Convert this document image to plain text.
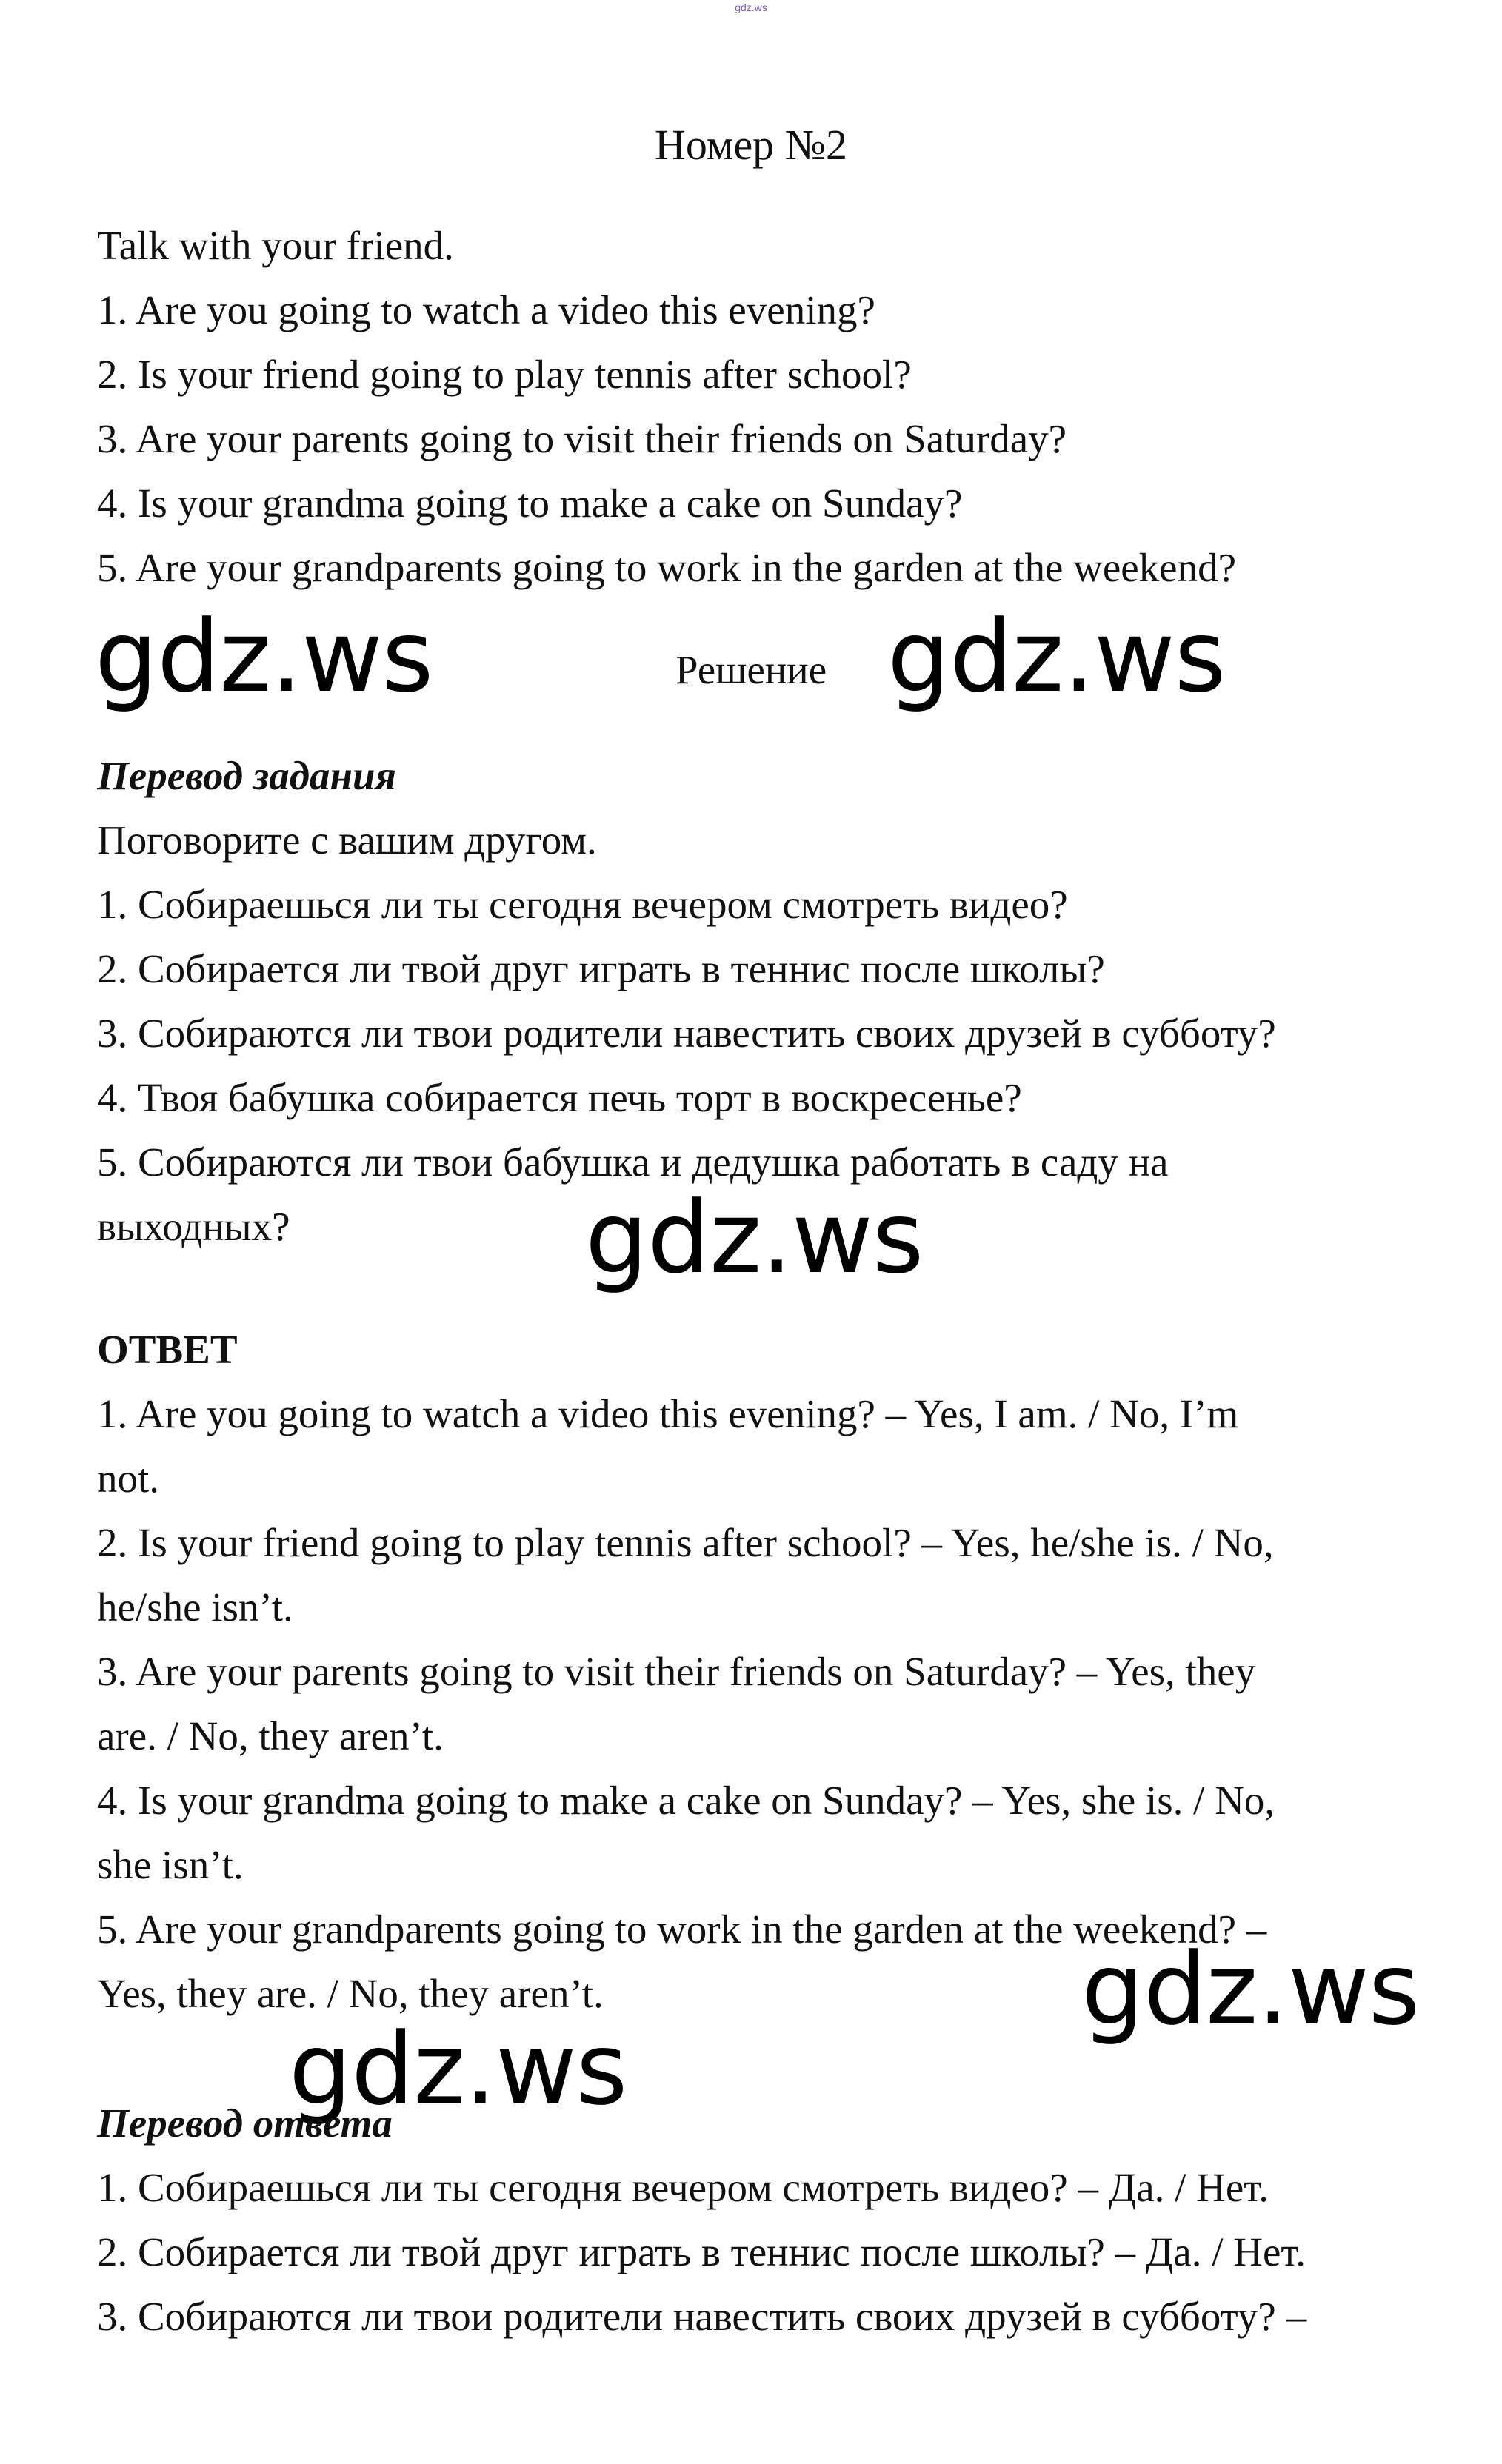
gdz.ws
Номер №2
Talk with your friend.
1. Are you going to watch a video this evening?
2. Is your friend going to play tennis after school?
3. Are your parents going to visit their friends on Saturday?
4. Is your grandma going to make a cake on Sunday?
5. Are your grandparents going to work in the garden at the weekend?
gdz.ws	Решение gdz.ws
Перевод задания
Поговорите с вашим другом.
1. Собираешься ли ты сегодня вечером смотреть видео?
2. Собирается ли твой друг играть в теннис после школы?
3. Собираются ли твои родители навестить своих друзей в субботу?
4. Твоя бабушка собирается печь торт в воскресенье?
5. Собираются ли твои бабушка и дедушка работать в саду на
выходных?	gdz.ws
ОТВЕТ
1. Are you going to watch a video this evening? – Yes, I am. / No, I’m
not.
2. Is your friend going to play tennis after school? – Yes, he/she is. / No,
he/she isn’t.
3. Are your parents going to visit their friends on Saturday? – Yes, they
are. / No, they aren’t.
4. Is your grandma going to make a cake on Sunday? – Yes, she is. / No,
she isn’t.
5. Are your grandparents going to work in the garden at the weekend? –
Yes, they are. / No, they aren’t.	gdz.ws
gdz.ws
Перевод ответа
1. Собираешься ли ты сегодня вечером смотреть видео? – Да. / Нет.
2. Собирается ли твой друг играть в теннис после школы? – Да. / Нет.
3. Собираются ли твои родители навестить своих друзей в субботу? –
